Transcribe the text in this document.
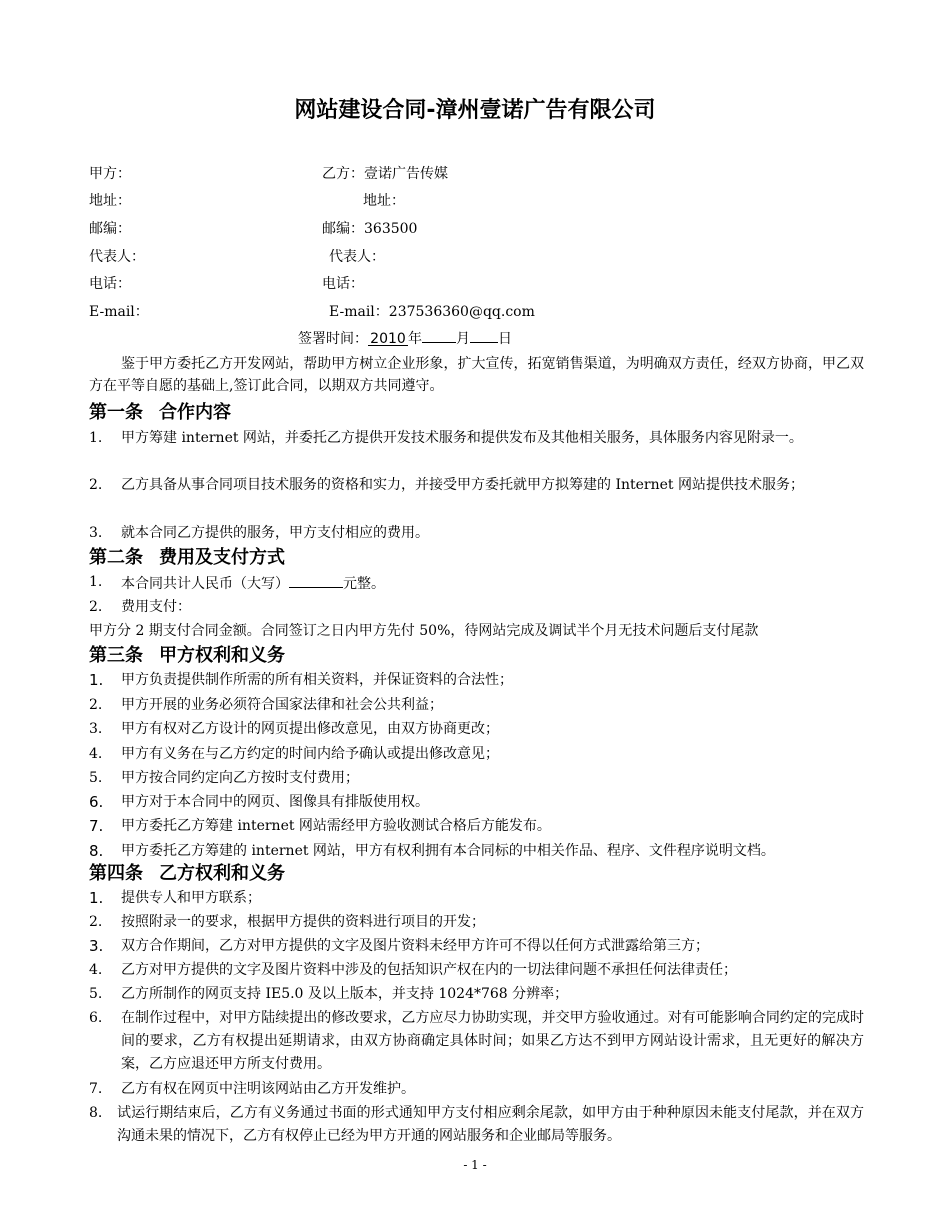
网站建设合同-漳州壹诺广告有限公司
甲方：	乙方：壹诺广告传媒
地址：	地址：
邮编：	邮编：363500
代表人：	代表人：
电话：	电话：
E-mail：	E-mail：237536360@qq.com
签署时间： 2010 年 月 日
鉴于甲方委托乙方开发网站，帮助甲方树立企业形象，扩大宣传，拓宽销售渠道，为明确双方责任，经双方协商，甲乙双方在平等自愿的基础上,签订此合同，以期双方共同遵守。
第一条 合作内容
1.	甲方筹建 internet 网站，并委托乙方提供开发技术服务和提供发布及其他相关服务，具体服务内容见附录一。
2.	乙方具备从事合同项目技术服务的资格和实力，并接受甲方委托就甲方拟筹建的 Internet 网站提供技术服务；
3.	就本合同乙方提供的服务，甲方支付相应的费用。
第二条 费用及支付方式
1.	本合同共计人民币（大写）	元整。
2.	费用支付：
甲方分 2 期支付合同金额。合同签订之日内甲方先付 50%，待网站完成及调试半个月无技术问题后支付尾款
第三条 甲方权利和义务
1.	甲方负责提供制作所需的所有相关资料，并保证资料的合法性；
2.	甲方开展的业务必须符合国家法律和社会公共利益；
3.	甲方有权对乙方设计的网页提出修改意见，由双方协商更改；
4.	甲方有义务在与乙方约定的时间内给予确认或提出修改意见；
5.	甲方按合同约定向乙方按时支付费用；
6.	甲方对于本合同中的网页、图像具有排版使用权。
7.	甲方委托乙方筹建 internet 网站需经甲方验收测试合格后方能发布。
8.	甲方委托乙方筹建的 internet 网站，甲方有权利拥有本合同标的中相关作品、程序、文件程序说明文档。
第四条 乙方权利和义务
1.	提供专人和甲方联系；
2.	按照附录一的要求，根据甲方提供的资料进行项目的开发；
3.	双方合作期间，乙方对甲方提供的文字及图片资料未经甲方许可不得以任何方式泄露给第三方；
4.	乙方对甲方提供的文字及图片资料中涉及的包括知识产权在内的一切法律问题不承担任何法律责任；
5.	乙方所制作的网页支持 IE5.0 及以上版本，并支持 1024*768 分辨率；
6.	在制作过程中，对甲方陆续提出的修改要求，乙方应尽力协助实现，并交甲方验收通过。对有可能影响合同约定的完成时间的要求，乙方有权提出延期请求，由双方协商确定具体时间；如果乙方达不到甲方网站设计需求，且无更好的解决方案，乙方应退还甲方所支付费用。
7.	乙方有权在网页中注明该网站由乙方开发维护。
8.	试运行期结束后，乙方有义务通过书面的形式通知甲方支付相应剩余尾款，如甲方由于种种原因未能支付尾款，并在双方沟通未果的情况下，乙方有权停止已经为甲方开通的网站服务和企业邮局等服务。
- 1 -
